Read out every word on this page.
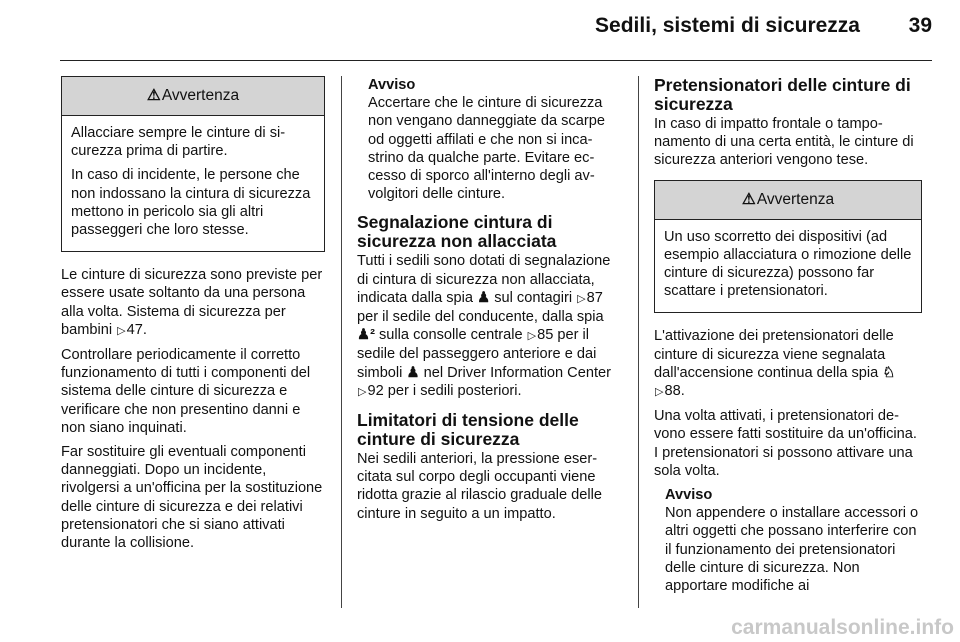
Sedili, sistemi di sicurezza	39
⚠Avvertenza

Allacciare sempre le cinture di sicurezza prima di partire.

In caso di incidente, le persone che non indossano la cintura di sicurezza mettono in pericolo sia gli altri passeggeri che loro stesse.

Le cinture di sicurezza sono previste per essere usate soltanto da una persona alla volta. Sistema di sicurezza per bambini ▷47.

Controllare periodicamente il corretto funzionamento di tutti i componenti del sistema delle cinture di sicurezza e verificare che non presentino danni e non siano inquinati.

Far sostituire gli eventuali componenti danneggiati. Dopo un incidente, rivolgersi a un'officina per la sostituzione delle cinture di sicurezza e dei relativi pretensionatori che si siano attivati durante la collisione.

Avviso
Accertare che le cinture di sicurezza non vengano danneggiate da scarpe od oggetti affilati e che non si incastrino da qualche parte. Evitare eccesso di sporco all'interno degli avvolgitori delle cinture.
Segnalazione cintura di sicurezza non allacciata

Tutti i sedili sono dotati di segnalazione di cintura di sicurezza non allacciata, indicata dalla spia ♟ sul contagiri ▷87 per il sedile del conducente, dalla spia ♟² sulla consolle centrale ▷85 per il sedile del passeggero anteriore e dai simboli ♟ nel Driver Information Center ▷92 per i sedili posteriori.

Limitatori di tensione delle cinture di sicurezza

Nei sedili anteriori, la pressione esercitata sul corpo degli occupanti viene ridotta grazie al rilascio graduale delle cinture in seguito a un impatto.

Pretensionatori delle cinture di sicurezza

In caso di impatto frontale o tamponamento di una certa entità, le cinture di sicurezza anteriori vengono tese.

⚠Avvertenza

Un uso scorretto dei dispositivi (ad esempio allacciatura o rimozione delle cinture di sicurezza) possono far scattare i pretensionatori.

L'attivazione dei pretensionatori delle cinture di sicurezza viene segnalata dall'accensione continua della spia ♘
▷88.

Una volta attivati, i pretensionatori devono essere fatti sostituire da un'officina. I pretensionatori si possono attivare una sola volta.

Avviso
Non appendere o installare accessori o altri oggetti che possano interferire con il funzionamento dei pretensionatori delle cinture di sicurezza. Non apportare modifiche ai
carmanualsonline.info
